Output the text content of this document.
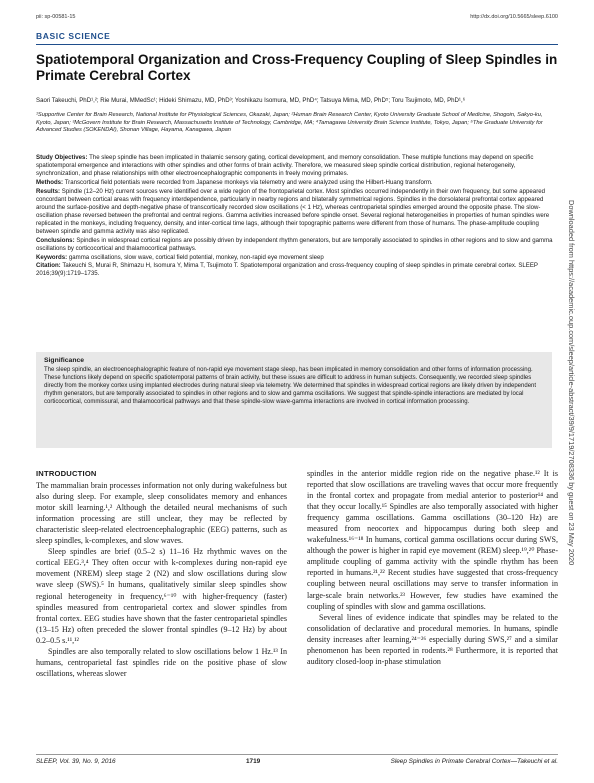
pii: sp-00581-15	http://dx.doi.org/10.5665/sleep.6100
BASIC SCIENCE
Spatiotemporal Organization and Cross-Frequency Coupling of Sleep Spindles in Primate Cerebral Cortex
Saori Takeuchi, PhD¹,²; Rie Murai, MMedSc¹; Hideki Shimazu, MD, PhD³; Yoshikazu Isomura, MD, PhD⁴; Tatsuya Mima, MD, PhD⁵; Toru Tsujimoto, MD, PhD¹,⁶
¹Supportive Center for Brain Research, National Institute for Physiological Sciences, Okazaki, Japan; ²Human Brain Research Center, Kyoto University Graduate School of Medicine, Shogoin, Sakyo-ku, Kyoto, Japan; ³McGovern Institute for Brain Research, Massachusetts Institute of Technology, Cambridge, MA; ⁴Tamagawa University Brain Science Institute, Tokyo, Japan; ⁵The Graduate University for Advanced Studies (SOKENDAI), Shonan Village, Hayama, Kanagawa, Japan

Study Objectives: The sleep spindle has been implicated in thalamic sensory gating, cortical development, and memory consolidation. These multiple functions may depend on specific spatiotemporal emergence and interactions with other spindles and other forms of brain activity. Therefore, we measured sleep spindle cortical distribution, regional heterogeneity, synchronization, and phase relationships with other electroencephalographic components in freely moving primates.

Methods: Transcortical field potentials were recorded from Japanese monkeys via telemetry and were analyzed using the Hilbert-Huang transform.

Results: Spindle (12–20 Hz) current sources were identified over a wide region of the frontoparietal cortex. Most spindles occurred independently in their own frequency, but some appeared concordant between cortical areas with frequency interdependence, particularly in nearby regions and bilaterally symmetrical regions. Spindles in the dorsolateral prefrontal cortex appeared around the surface-positive and depth-negative phase of transcortically recorded slow oscillations (< 1 Hz), whereas centroparietal spindles emerged around the opposite phase. The slow-oscillation phase reversed between the prefrontal and central regions. Gamma activities increased before spindle onset. Several regional heterogeneities in properties of human spindles were replicated in the monkeys, including frequency, density, and inter-cortical time lags, although their topographic patterns were different from those of humans. The phase-amplitude coupling between spindle and gamma activity was also replicated.

Conclusions: Spindles in widespread cortical regions are possibly driven by independent rhythm generators, but are temporally associated to spindles in other regions and to slow and gamma oscillations by corticocortical and thalamocortical pathways.

Keywords: gamma oscillations, slow wave, cortical field potential, monkey, non-rapid eye movement sleep

Citation: Takeuchi S, Murai R, Shimazu H, Isomura Y, Mima T, Tsujimoto T. Spatiotemporal organization and cross-frequency coupling of sleep spindles in primate cerebral cortex. SLEEP 2016;39(9):1719–1735.

Significance
The sleep spindle, an electroencephalographic feature of non-rapid eye movement stage sleep, has been implicated in memory consolidation and other forms of information processing. These functions likely depend on specific spatiotemporal patterns of brain activity, but these issues are difficult to address in human subjects. Consequently, we recorded sleep spindles directly from the monkey cortex using implanted electrodes during natural sleep via telemetry. We determined that spindles in widespread cortical regions are likely driven by independent rhythm generators, but are temporally associated to spindles in other regions and to slow and gamma oscillations. We suggest that spindle-spindle interactions are mediated by local corticocortical, commissural, and thalamocortical pathways and that these spindle-slow wave-gamma interactions are involved in cortical information processing.
INTRODUCTION

The mammalian brain processes information not only during wakefulness but also during sleep. For example, sleep consolidates memory and enhances motor skill learning.¹,² Although the detailed neural mechanisms of such information processing are still unclear, they may be reflected by characteristic sleep-related electroencephalographic (EEG) patterns, such as sleep spindles, k-complexes, and slow waves.

Sleep spindles are brief (0.5–2 s) 11–16 Hz rhythmic waves on the cortical EEG.³,⁴ They often occur with k-complexes during non-rapid eye movement (NREM) sleep stage 2 (N2) and slow oscillations during slow wave sleep (SWS).⁵ In humans, qualitatively similar sleep spindles show regional heterogeneity in frequency,⁶⁻¹⁰ with higher-frequency (faster) spindles measured from centroparietal cortex and slower spindles from frontal cortex. EEG studies have shown that the faster centroparietal spindles (13–15 Hz) often preceded the slower frontal spindles (9–12 Hz) by about 0.2–0.5 s.¹¹,¹²

Spindles are also temporally related to slow oscillations below 1 Hz.¹³ In humans, centroparietal fast spindles ride on the positive phase of slow oscillations, whereas slower

spindles in the anterior middle region ride on the negative phase.¹² It is reported that slow oscillations are traveling waves that occur more frequently in the frontal cortex and propagate from medial anterior to posterior¹⁴ and that they occur locally.¹⁵ Spindles are also temporally associated with higher frequency gamma oscillations. Gamma oscillations (30–120 Hz) are measured from neocortex and hippocampus during both sleep and wakefulness.¹⁶⁻¹⁸ In humans, cortical gamma oscillations occur during SWS, although the power is higher in rapid eye movement (REM) sleep.¹⁹,²⁰ Phase-amplitude coupling of gamma activity with the spindle rhythm has been reported in humans.²¹,²² Recent studies have suggested that cross-frequency coupling between neural oscillations may serve to transfer information in large-scale brain networks.²³ However, few studies have examined the coupling of spindles with slow and gamma oscillations.

Several lines of evidence indicate that spindles may be related to the consolidation of declarative and procedural memories. In humans, spindle density increases after learning,²⁴⁻²⁶ especially during SWS,²⁷ and a similar phenomenon has been reported in rodents.²⁸ Furthermore, it is reported that auditory closed-loop in-phase stimulation

SLEEP, Vol. 39, No. 9, 2016	1719	Sleep Spindles in Primate Cerebral Cortex—Takeuchi et al.
Downloaded from https://academic.oup.com/sleep/article-abstract/39/9/1719/2708336 by guest on 23 May 2020
